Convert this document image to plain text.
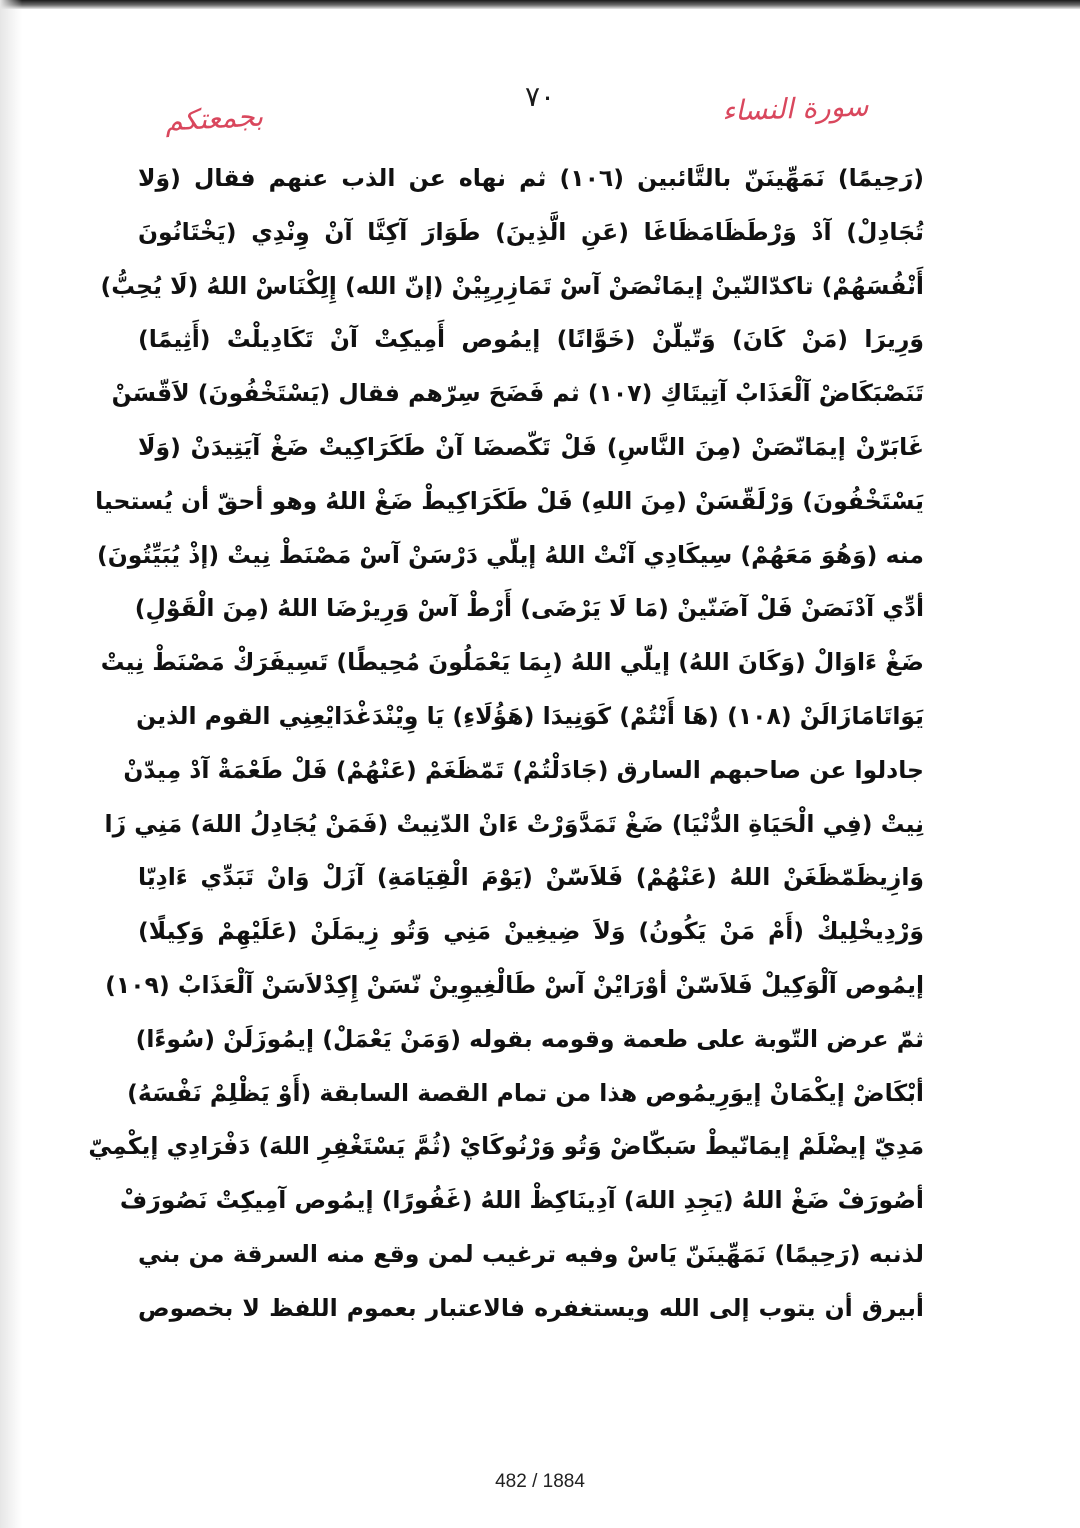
بجمعتكم
٧٠	سورة النساء
(رَحِيمًا) نَمَهِّينَنّ بالتَّائبين (١٠٦) ثم نهاه عن الذب عنهم فقال (وَلا
تُجَادِلْ) آدْ وَرْطَظَامَظَاغَا (عَنِ الَّذِينَ) طَوَارَ آكِنَّا آنْ وِنْدِي (يَخْتَانُونَ
أَنْفُسَهُمْ) تاكدّالنّينْ إيمَانْصَنْ آسْ تَمَازِرِيِيْنْ (إنّ الله) إِلِكْنَاسْ اللهُ (لَا يُحِبُّ)
وَرِيرَا (مَنْ كَانَ) وَتّيلّنْ (خَوَّانًا) إيمُوص أَمِيكِتْ آنْ تَكَادِيلْتْ (أَثِيمًا)
تَنَصْبَكَاضْ آلْعَذَابْ آتِيتَاكِ (١٠٧) ثم فَضَحَ سِرّهم فقال (يَسْتَخْفُونَ) لاَقّسَنْ
غَابَرّنْ إيمَانّصَنْ (مِنَ النَّاسِ) فَلْ تَكّصضَا آنْ طَكَرَاكِيتْ ضَغْ آيَتِيدَنْ (وَلَا
يَسْتَخْفُونَ) وَرْلَقّسَنْ (مِنَ اللهِ) فَلْ طَكَرَاكِيطْ ضَغْ اللهُ وهو أحقّ أن يُستحيا
منه (وَهُوَ مَعَهُمْ) سِيكَادِي آنْتْ اللهُ إيلّي دَرْسَنْ آسْ مَصْنَطْ نِيتْ (إذْ يُبَيِّتُونَ)
أدِّي آدْنَصَنْ فَلْ آضَنّينْ (مَا لَا يَرْضَى) أَرْطْ آسْ وَرِيرْضَا اللهُ (مِنَ الْقَوْلِ)
ضَغْ ءَاوَالْ (وَكَانَ اللهُ) إيلّي اللهُ (بِمَا يَعْمَلُونَ مُحِيطًا) تَسِيفَرَكْ مَصْنَطْ نِيتْ
يَوَاتَامَازَالَنْ (١٠٨) (هَا أَنْتُمْ) كَوَنِيدَا (هَؤُلَاءِ) يَا وِيْنْدَغْدَايْعِنِي القوم الذين
جادلوا عن صاحبهم السارق (جَادَلْتُمْ) تَمّظَغَمْ (عَنْهُمْ) فَلْ طَعْمَةْ آدْ مِيدّنْ
نِيتْ (فِي الْحَيَاةِ الدُّنْيَا) ضَغْ تَمَدَّوَرْتْ ءَانْ الدّنِيتْ (فَمَنْ يُجَادِلُ اللهَ) مَنِي زَا
وَازِيظَمّظَغَنْ اللهُ (عَنْهُمْ) فَلاَسّنْ (يَوْمَ الْقِيَامَةِ) آزَلْ وَانْ تَبَدِّي ءَادِيّا
وَرْدِيخْلِيكْ (أَمْ مَنْ يَكُونُ) وَلاَ ضِيغِينْ مَنِي وَتُو زِيمَلَنْ (عَلَيْهِمْ وَكِيلًا)
إيمُوص آلْوَكِيلْ فَلاَسّنْ أوْرَايْنْ آسْ طَالْغِيوِينْ نّسَنْ إِكِدْلاَسَنْ آلْعَذَابْ (١٠٩)
ثمّ عرض التّوبة على طعمة وقومه بقوله (وَمَنْ يَعْمَلْ) إيمُوزَلَنْ (سُوءًا)
أبْكَاضْ إيكْمَانْ إيوَرِيمُوص هذا من تمام القصة السابقة (أَوْ يَظْلِمْ نَفْسَهُ)
مَدِيّ إيضْلَمْ إيمَانّيطْ سَبكّاضْ وَتُو وَرْنُوكَايْ (ثُمَّ يَسْتَغْفِرِ اللهَ) دَفْرَادِي إيكْمِيّ
أصُورَفْ ضَغْ اللهُ (يَجِدِ اللهَ) آدِينَاكِظْ اللهُ (غَفُورًا) إيمُوص آمِيكِتْ نَصُورَفْ
لذنبه (رَحِيمًا) نَمَهِّينَنّ يَاسْ وفيه ترغيب لمن وقع منه السرقة من بني
أبيرق أن يتوب إلى الله ويستغفره فالاعتبار بعموم اللفظ لا بخصوص
482 / 1884
